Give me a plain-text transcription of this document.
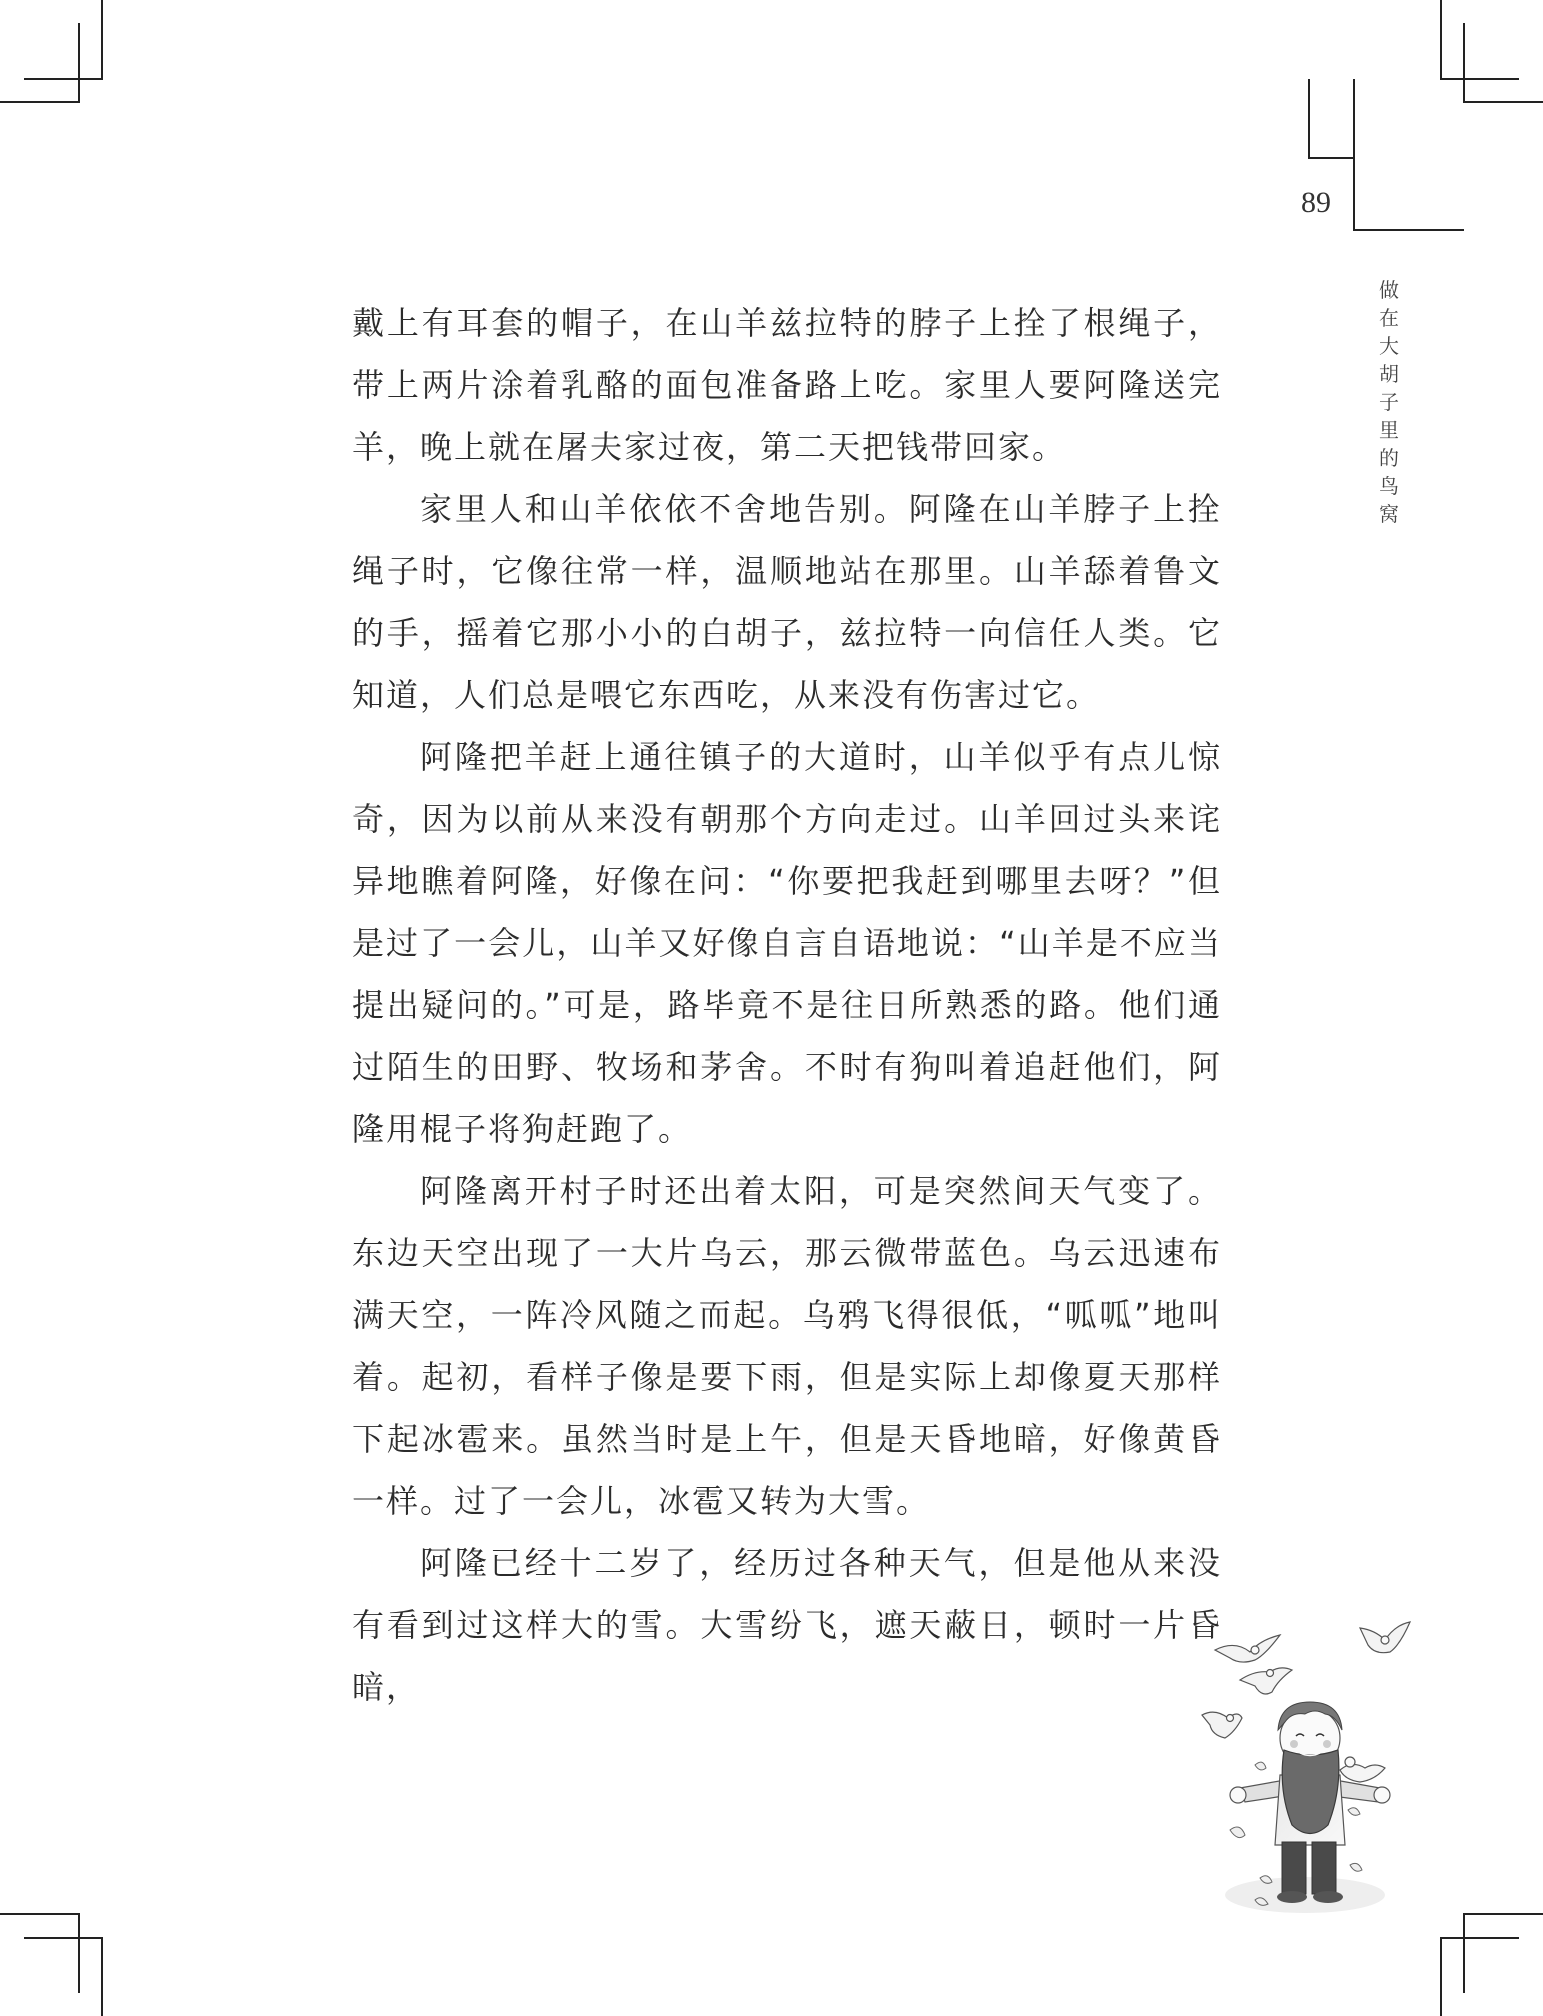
89
做
在
大
胡
子
里
的
鸟
窝

戴上有耳套的帽子，在山羊兹拉特的脖子上拴了根绳子，带上两片涂着乳酪的面包准备路上吃。家里人要阿隆送完羊，晚上就在屠夫家过夜，第二天把钱带回家。

家里人和山羊依依不舍地告别。阿隆在山羊脖子上拴绳子时，它像往常一样，温顺地站在那里。山羊舔着鲁文的手，摇着它那小小的白胡子，兹拉特一向信任人类。它知道，人们总是喂它东西吃，从来没有伤害过它。

阿隆把羊赶上通往镇子的大道时，山羊似乎有点儿惊奇，因为以前从来没有朝那个方向走过。山羊回过头来诧异地瞧着阿隆，好像在问：“你要把我赶到哪里去呀？”但是过了一会儿，山羊又好像自言自语地说：“山羊是不应当提出疑问的。”可是，路毕竟不是往日所熟悉的路。他们通过陌生的田野、牧场和茅舍。不时有狗叫着追赶他们，阿隆用棍子将狗赶跑了。

阿隆离开村子时还出着太阳，可是突然间天气变了。东边天空出现了一大片乌云，那云微带蓝色。乌云迅速布满天空，一阵冷风随之而起。乌鸦飞得很低，“呱呱”地叫着。起初，看样子像是要下雨，但是实际上却像夏天那样下起冰雹来。虽然当时是上午，但是天昏地暗，好像黄昏一样。过了一会儿，冰雹又转为大雪。

阿隆已经十二岁了，经历过各种天气，但是他从来没有看到过这样大的雪。大雪纷飞，遮天蔽日，顿时一片昏暗，
